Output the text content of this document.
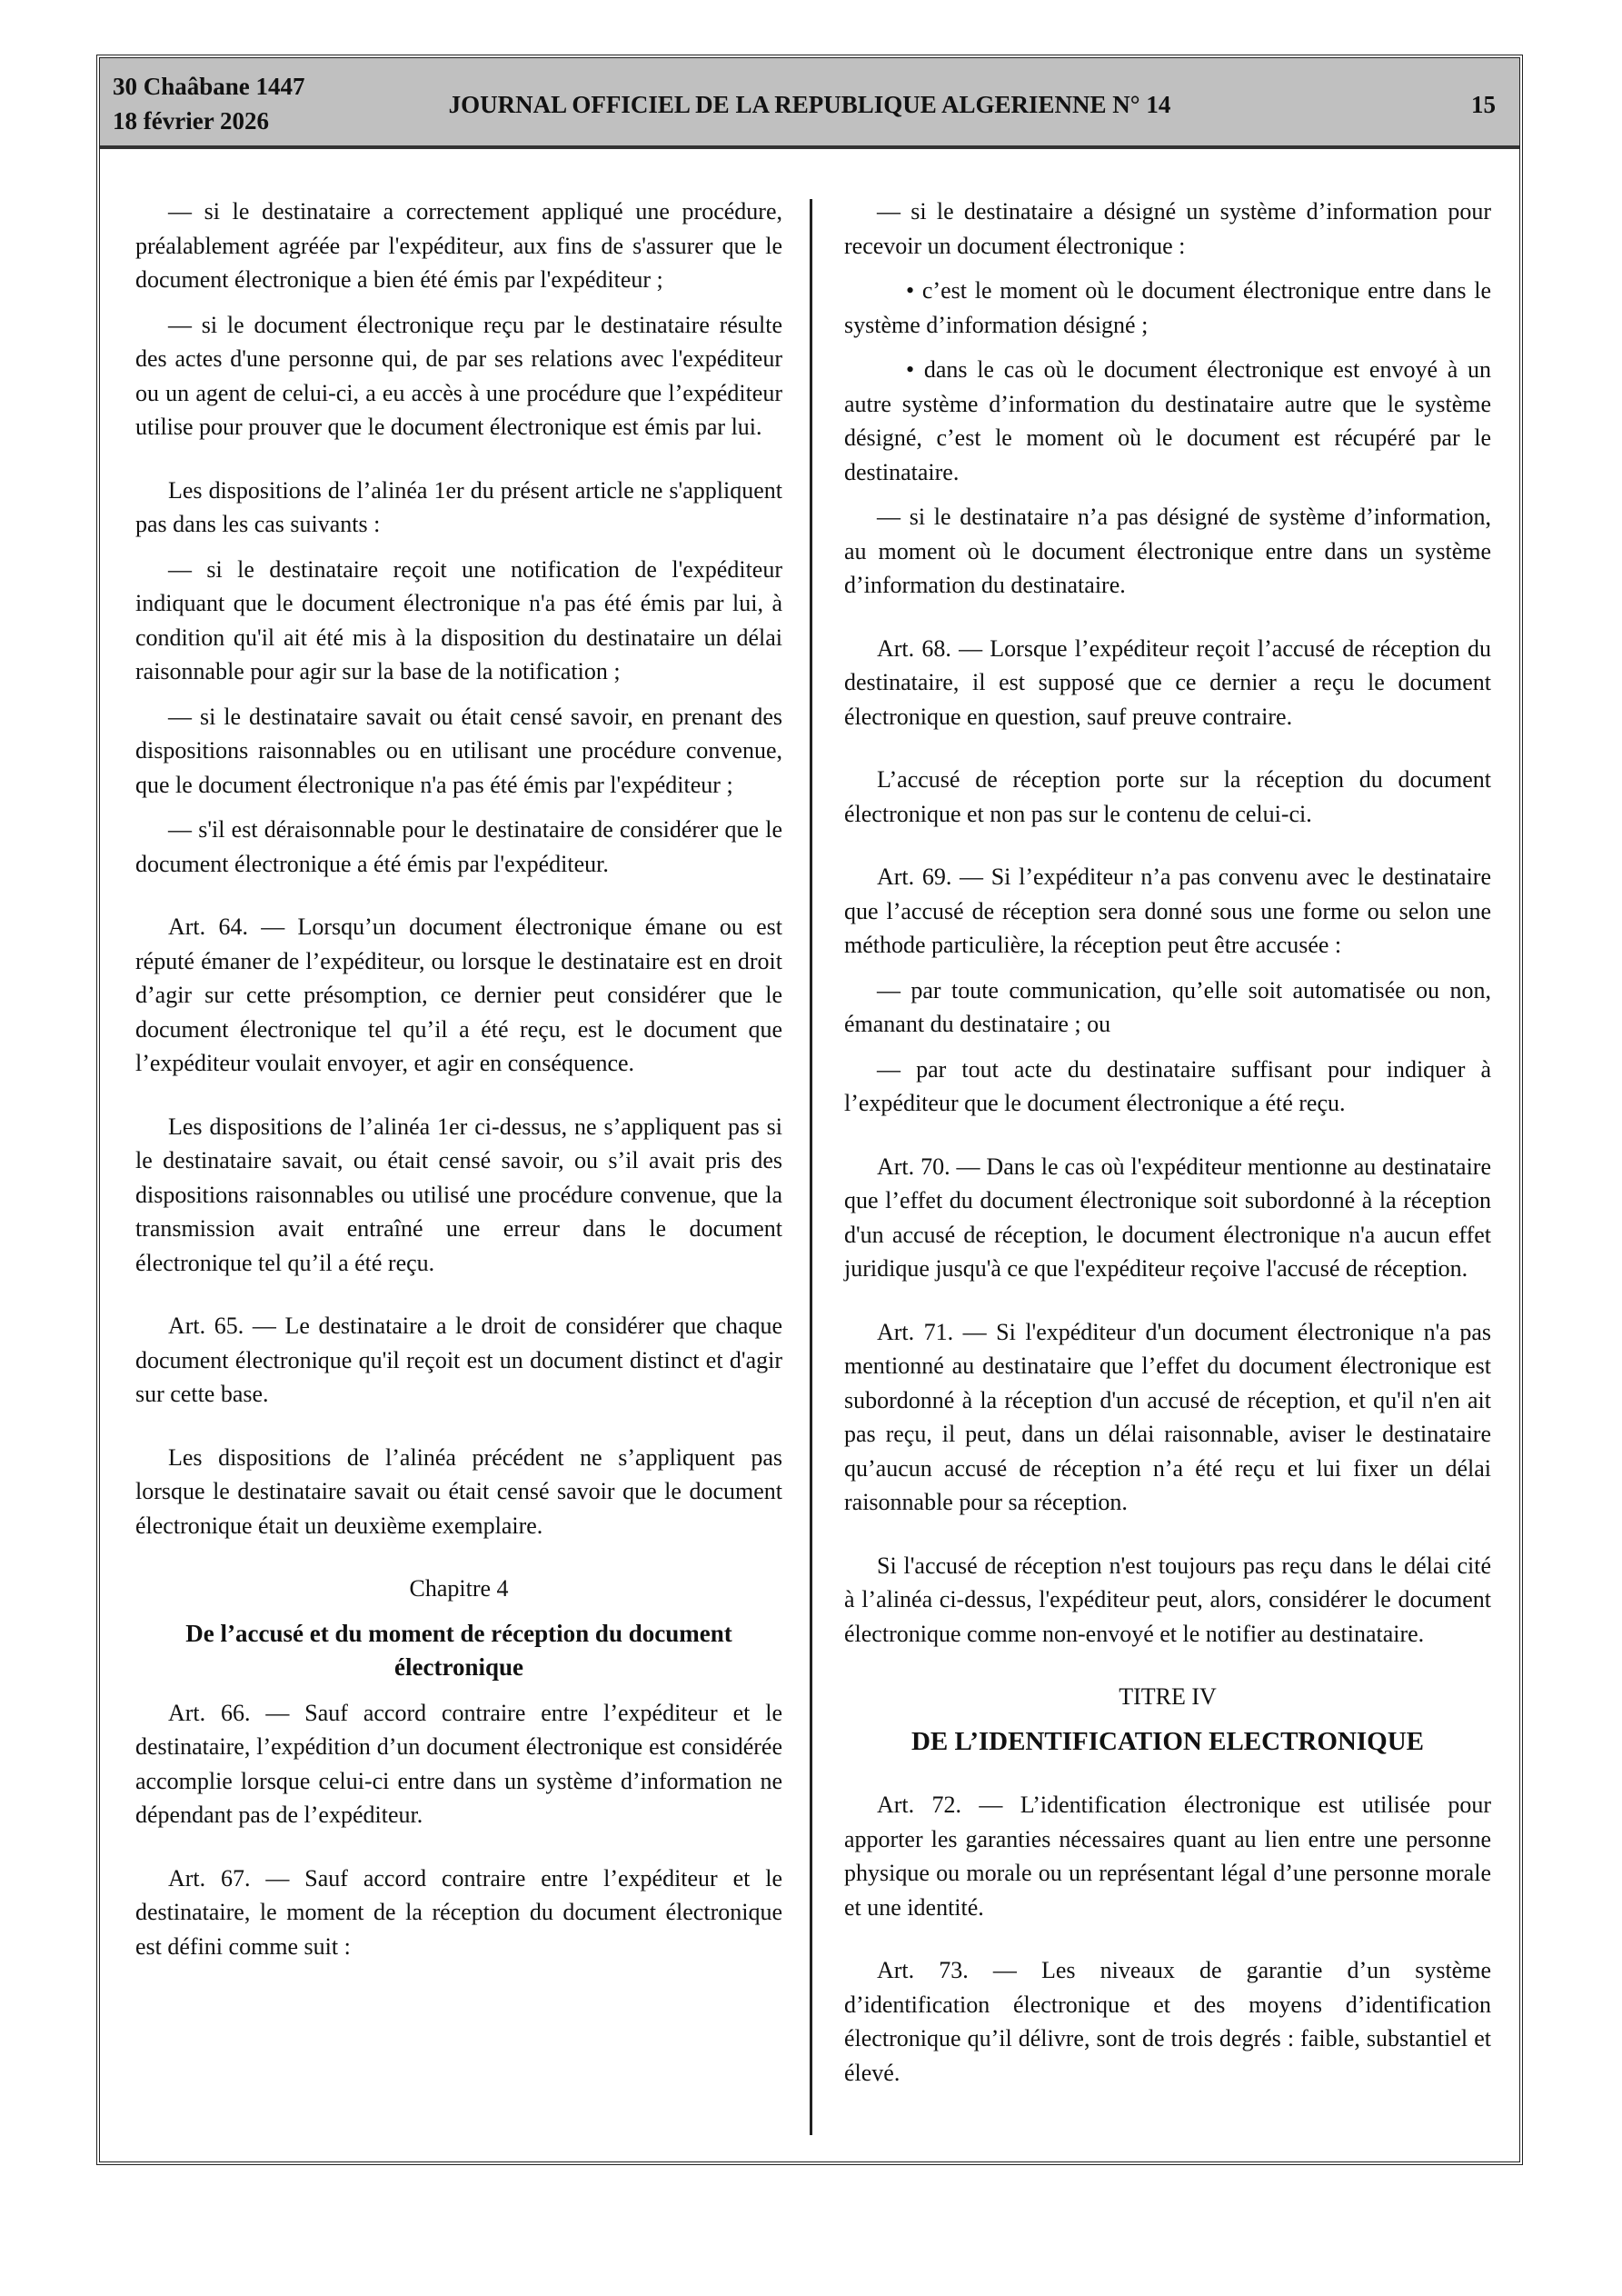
30 Chaâbane 1447
18 février 2026
JOURNAL OFFICIEL DE LA REPUBLIQUE ALGERIENNE N° 14	15

— si le destinataire a correctement appliqué une procédure, préalablement agréée par l'expéditeur, aux fins de s'assurer que le document électronique a bien été émis par l'expéditeur ;

— si le document électronique reçu par le destinataire résulte des actes d'une personne qui, de par ses relations avec l'expéditeur ou un agent de celui-ci, a eu accès à une procédure que l’expéditeur utilise pour prouver que le document électronique est émis par lui.

Les dispositions de l’alinéa 1er du présent article ne s'appliquent pas dans les cas suivants :

— si le destinataire reçoit une notification de l'expéditeur indiquant que le document électronique n'a pas été émis par lui, à condition qu'il ait été mis à la disposition du destinataire un délai raisonnable pour agir sur la base de la notification ;

— si le destinataire savait ou était censé savoir, en prenant des dispositions raisonnables ou en utilisant une procédure convenue, que le document électronique n'a pas été émis par l'expéditeur ;

— s'il est déraisonnable pour le destinataire de considérer que le document électronique a été émis par l'expéditeur.

Art. 64. — Lorsqu’un document électronique émane ou est réputé émaner de l’expéditeur, ou lorsque le destinataire est en droit d’agir sur cette présomption, ce dernier peut considérer que le document électronique tel qu’il a été reçu, est le document que l’expéditeur voulait envoyer, et agir en conséquence.

Les dispositions de l’alinéa 1er ci-dessus, ne s’appliquent pas si le destinataire savait, ou était censé savoir, ou s’il avait pris des dispositions raisonnables ou utilisé une procédure convenue, que la transmission avait entraîné une erreur dans le document électronique tel qu’il a été reçu.

Art. 65. — Le destinataire a le droit de considérer que chaque document électronique qu'il reçoit est un document distinct et d'agir sur cette base.

Les dispositions de l’alinéa précédent ne s’appliquent pas lorsque le destinataire savait ou était censé savoir que le document électronique était un deuxième exemplaire.

Chapitre 4

De l’accusé et du moment de réception du document électronique

Art. 66. — Sauf accord contraire entre l’expéditeur et le destinataire, l’expédition d’un document électronique est considérée accomplie lorsque celui-ci entre dans un système d’information ne dépendant pas de l’expéditeur.

Art. 67. — Sauf accord contraire entre l’expéditeur et le destinataire, le moment de la réception du document électronique est défini comme suit :

— si le destinataire a désigné un système d’information pour recevoir un document électronique :

• c’est le moment où le document électronique entre dans le système d’information désigné ;

• dans le cas où le document électronique est envoyé à un autre système d’information du destinataire autre que le système désigné, c’est le moment où le document est récupéré par le destinataire.

— si le destinataire n’a pas désigné de système d’information, au moment où le document électronique entre dans un système d’information du destinataire.

Art. 68. — Lorsque l’expéditeur reçoit l’accusé de réception du destinataire, il est supposé que ce dernier a reçu le document électronique en question, sauf preuve contraire.

L’accusé de réception porte sur la réception du document électronique et non pas sur le contenu de celui-ci.

Art. 69. — Si l’expéditeur n’a pas convenu avec le destinataire que l’accusé de réception sera donné sous une forme ou selon une méthode particulière, la réception peut être accusée :

— par toute communication, qu’elle soit automatisée ou non, émanant du destinataire ; ou

— par tout acte du destinataire suffisant pour indiquer à l’expéditeur que le document électronique a été reçu.

Art. 70. — Dans le cas où l'expéditeur mentionne au destinataire que l’effet du document électronique soit subordonné à la réception d'un accusé de réception, le document électronique n'a aucun effet juridique jusqu'à ce que l'expéditeur reçoive l'accusé de réception.

Art. 71. — Si l'expéditeur d'un document électronique n'a pas mentionné au destinataire que l’effet du document électronique est subordonné à la réception d'un accusé de réception, et qu'il n'en ait pas reçu, il peut, dans un délai raisonnable, aviser le destinataire qu’aucun accusé de réception n’a été reçu et lui fixer un délai raisonnable pour sa réception.

Si l'accusé de réception n'est toujours pas reçu dans le délai cité à l’alinéa ci-dessus, l'expéditeur peut, alors, considérer le document électronique comme non-envoyé et le notifier au destinataire.

TITRE IV

DE L’IDENTIFICATION ELECTRONIQUE

Art. 72. — L’identification électronique est utilisée pour apporter les garanties nécessaires quant au lien entre une personne physique ou morale ou un représentant légal d’une personne morale et une identité.

Art. 73. — Les niveaux de garantie d’un système d’identification électronique et des moyens d’identification électronique qu’il délivre, sont de trois degrés : faible, substantiel et élevé.
